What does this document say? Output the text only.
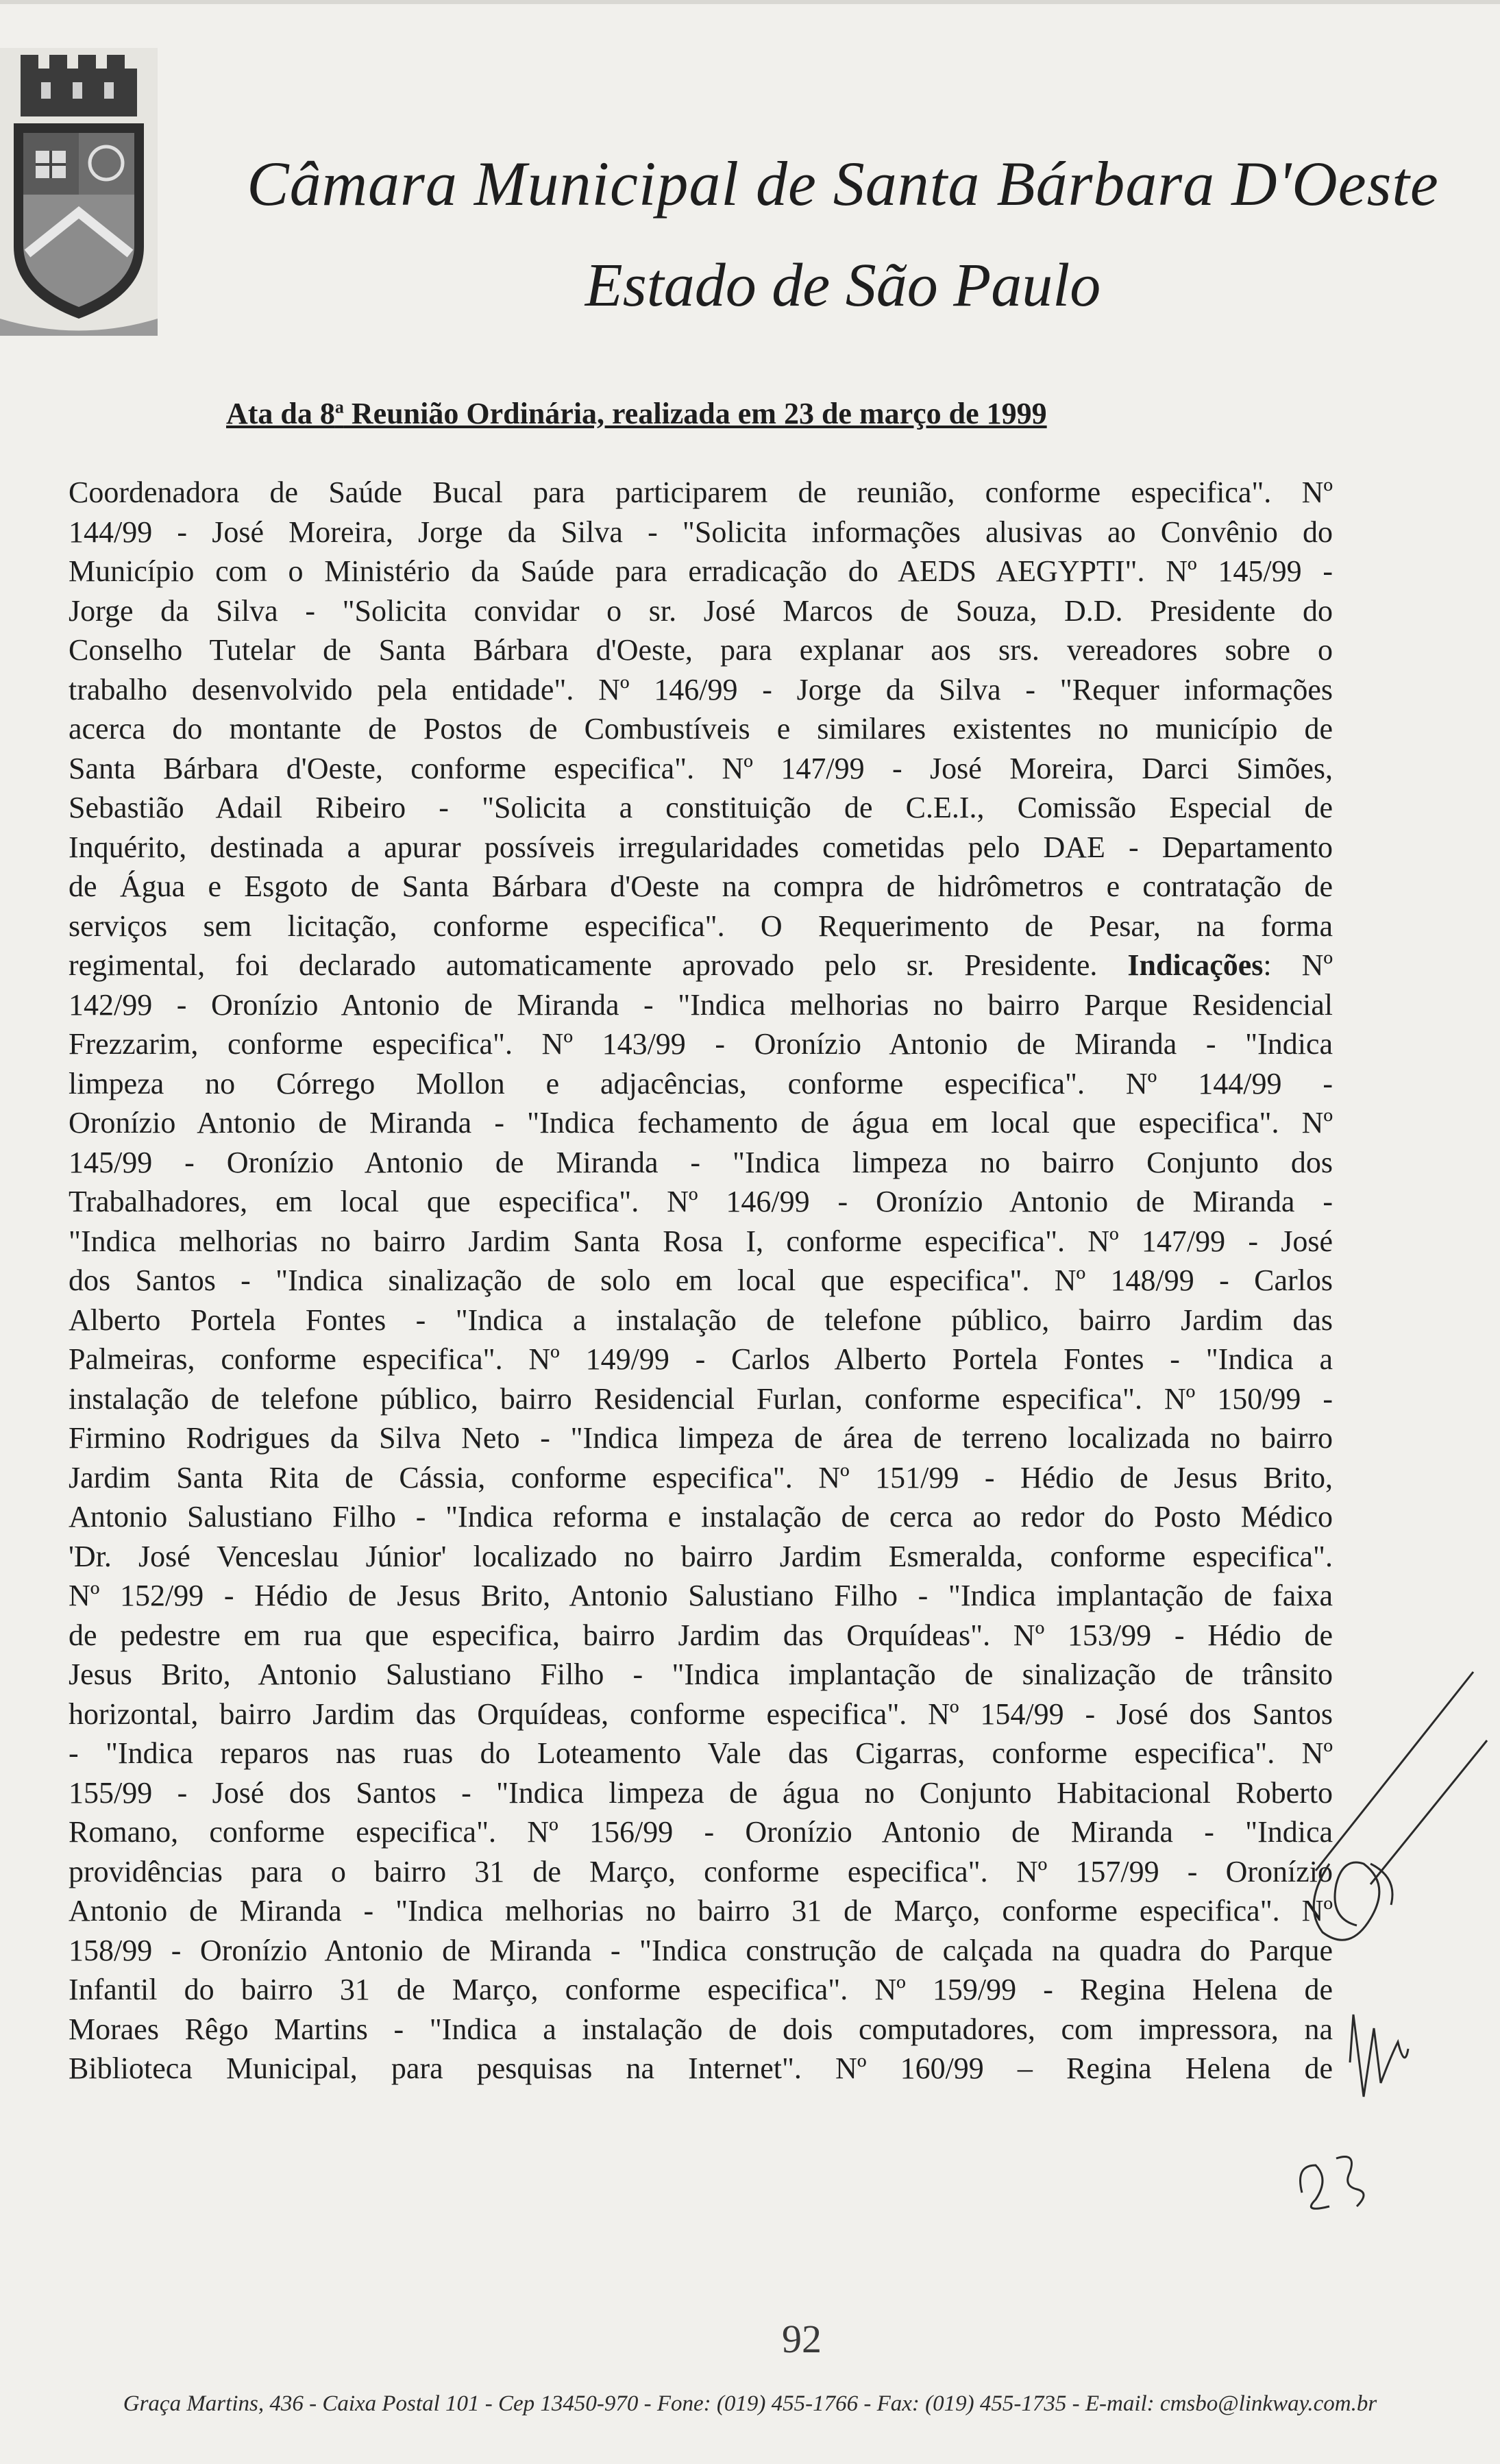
Câmara Municipal de Santa Bárbara D'Oeste
Estado de São Paulo
Ata da 8$^a$ Reunião Ordinária, realizada em 23 de março de 1999
Coordenadora de Saúde Bucal para participarem de reunião, conforme especifica". Nº
144/99 - José Moreira, Jorge da Silva - "Solicita informações alusivas ao Convênio do
Município com o Ministério da Saúde para erradicação do AEDS AEGYPTI". Nº 145/99 -
Jorge da Silva - "Solicita convidar o sr. José Marcos de Souza, D.D. Presidente do
Conselho Tutelar de Santa Bárbara d'Oeste, para explanar aos srs. vereadores sobre o
trabalho desenvolvido pela entidade". Nº 146/99 - Jorge da Silva - "Requer informações
acerca do montante de Postos de Combustíveis e similares existentes no município de
Santa Bárbara d'Oeste, conforme especifica". Nº 147/99 - José Moreira, Darci Simões,
Sebastião Adail Ribeiro - "Solicita a constituição de C.E.I., Comissão Especial de
Inquérito, destinada a apurar possíveis irregularidades cometidas pelo DAE - Departamento
de Água e Esgoto de Santa Bárbara d'Oeste na compra de hidrômetros e contratação de
serviços sem licitação, conforme especifica". O Requerimento de Pesar, na forma
regimental, foi declarado automaticamente aprovado pelo sr. Presidente. Indicações: Nº
142/99 - Oronízio Antonio de Miranda - "Indica melhorias no bairro Parque Residencial
Frezzarim, conforme especifica". Nº 143/99 - Oronízio Antonio de Miranda - "Indica
limpeza no Córrego Mollon e adjacências, conforme especifica". Nº 144/99 -
Oronízio Antonio de Miranda - "Indica fechamento de água em local que especifica". Nº
145/99 - Oronízio Antonio de Miranda - "Indica limpeza no bairro Conjunto dos
Trabalhadores, em local que especifica". Nº 146/99 - Oronízio Antonio de Miranda -
"Indica melhorias no bairro Jardim Santa Rosa I, conforme especifica". Nº 147/99 - José
dos Santos - "Indica sinalização de solo em local que especifica". Nº 148/99 - Carlos
Alberto Portela Fontes - "Indica a instalação de telefone público, bairro Jardim das
Palmeiras, conforme especifica". Nº 149/99 - Carlos Alberto Portela Fontes - "Indica a
instalação de telefone público, bairro Residencial Furlan, conforme especifica". Nº 150/99 -
Firmino Rodrigues da Silva Neto - "Indica limpeza de área de terreno localizada no bairro
Jardim Santa Rita de Cássia, conforme especifica". Nº 151/99 - Hédio de Jesus Brito,
Antonio Salustiano Filho - "Indica reforma e instalação de cerca ao redor do Posto Médico
'Dr. José Venceslau Júnior' localizado no bairro Jardim Esmeralda, conforme especifica".
Nº 152/99 - Hédio de Jesus Brito, Antonio Salustiano Filho - "Indica implantação de faixa
de pedestre em rua que especifica, bairro Jardim das Orquídeas". Nº 153/99 - Hédio de
Jesus Brito, Antonio Salustiano Filho - "Indica implantação de sinalização de trânsito
horizontal, bairro Jardim das Orquídeas, conforme especifica". Nº 154/99 - José dos Santos
- "Indica reparos nas ruas do Loteamento Vale das Cigarras, conforme especifica". Nº
155/99 - José dos Santos - "Indica limpeza de água no Conjunto Habitacional Roberto
Romano, conforme especifica". Nº 156/99 - Oronízio Antonio de Miranda - "Indica
providências para o bairro 31 de Março, conforme especifica". Nº 157/99 - Oronízio
Antonio de Miranda - "Indica melhorias no bairro 31 de Março, conforme especifica". Nº
158/99 - Oronízio Antonio de Miranda - "Indica construção de calçada na quadra do Parque
Infantil do bairro 31 de Março, conforme especifica". Nº 159/99 - Regina Helena de
Moraes Rêgo Martins - "Indica a instalação de dois computadores, com impressora, na
Biblioteca Municipal, para pesquisas na Internet". Nº 160/99 – Regina Helena de
92
Graça Martins, 436 - Caixa Postal 101 - Cep 13450-970 - Fone: (019) 455-1766 - Fax: (019) 455-1735 - E-mail: cmsbo@linkway.com.br
